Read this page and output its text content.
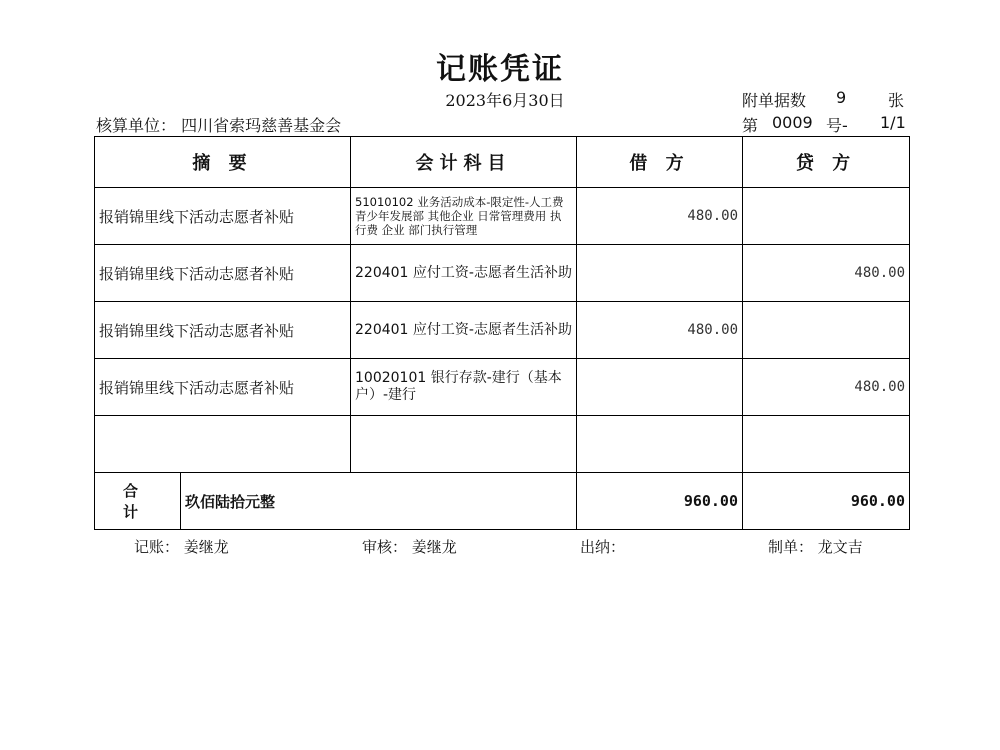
记账凭证
2023年6月30日	附单据数 9	张
核算单位： 四川省索玛慈善基金会	第 0009 号- 1/1
摘 要		会计科目	借 方	贷 方
报销锦里线下活动志愿者补贴		51010102 业务活动成本-限定性-人工费 青少年发展部 其他企业 日常管理费用 执行费 企业 部门执行管理	480.00	
报销锦里线下活动志愿者补贴		220401 应付工资-志愿者生活补助		480.00
报销锦里线下活动志愿者补贴		220401 应付工资-志愿者生活补助	480.00	
报销锦里线下活动志愿者补贴		10020101 银行存款-建行（基本户）-建行		480.00

合 计	玖佰陆拾元整		960.00	960.00
记账： 姜继龙	审核： 姜继龙	出纳：	制单： 龙文吉
